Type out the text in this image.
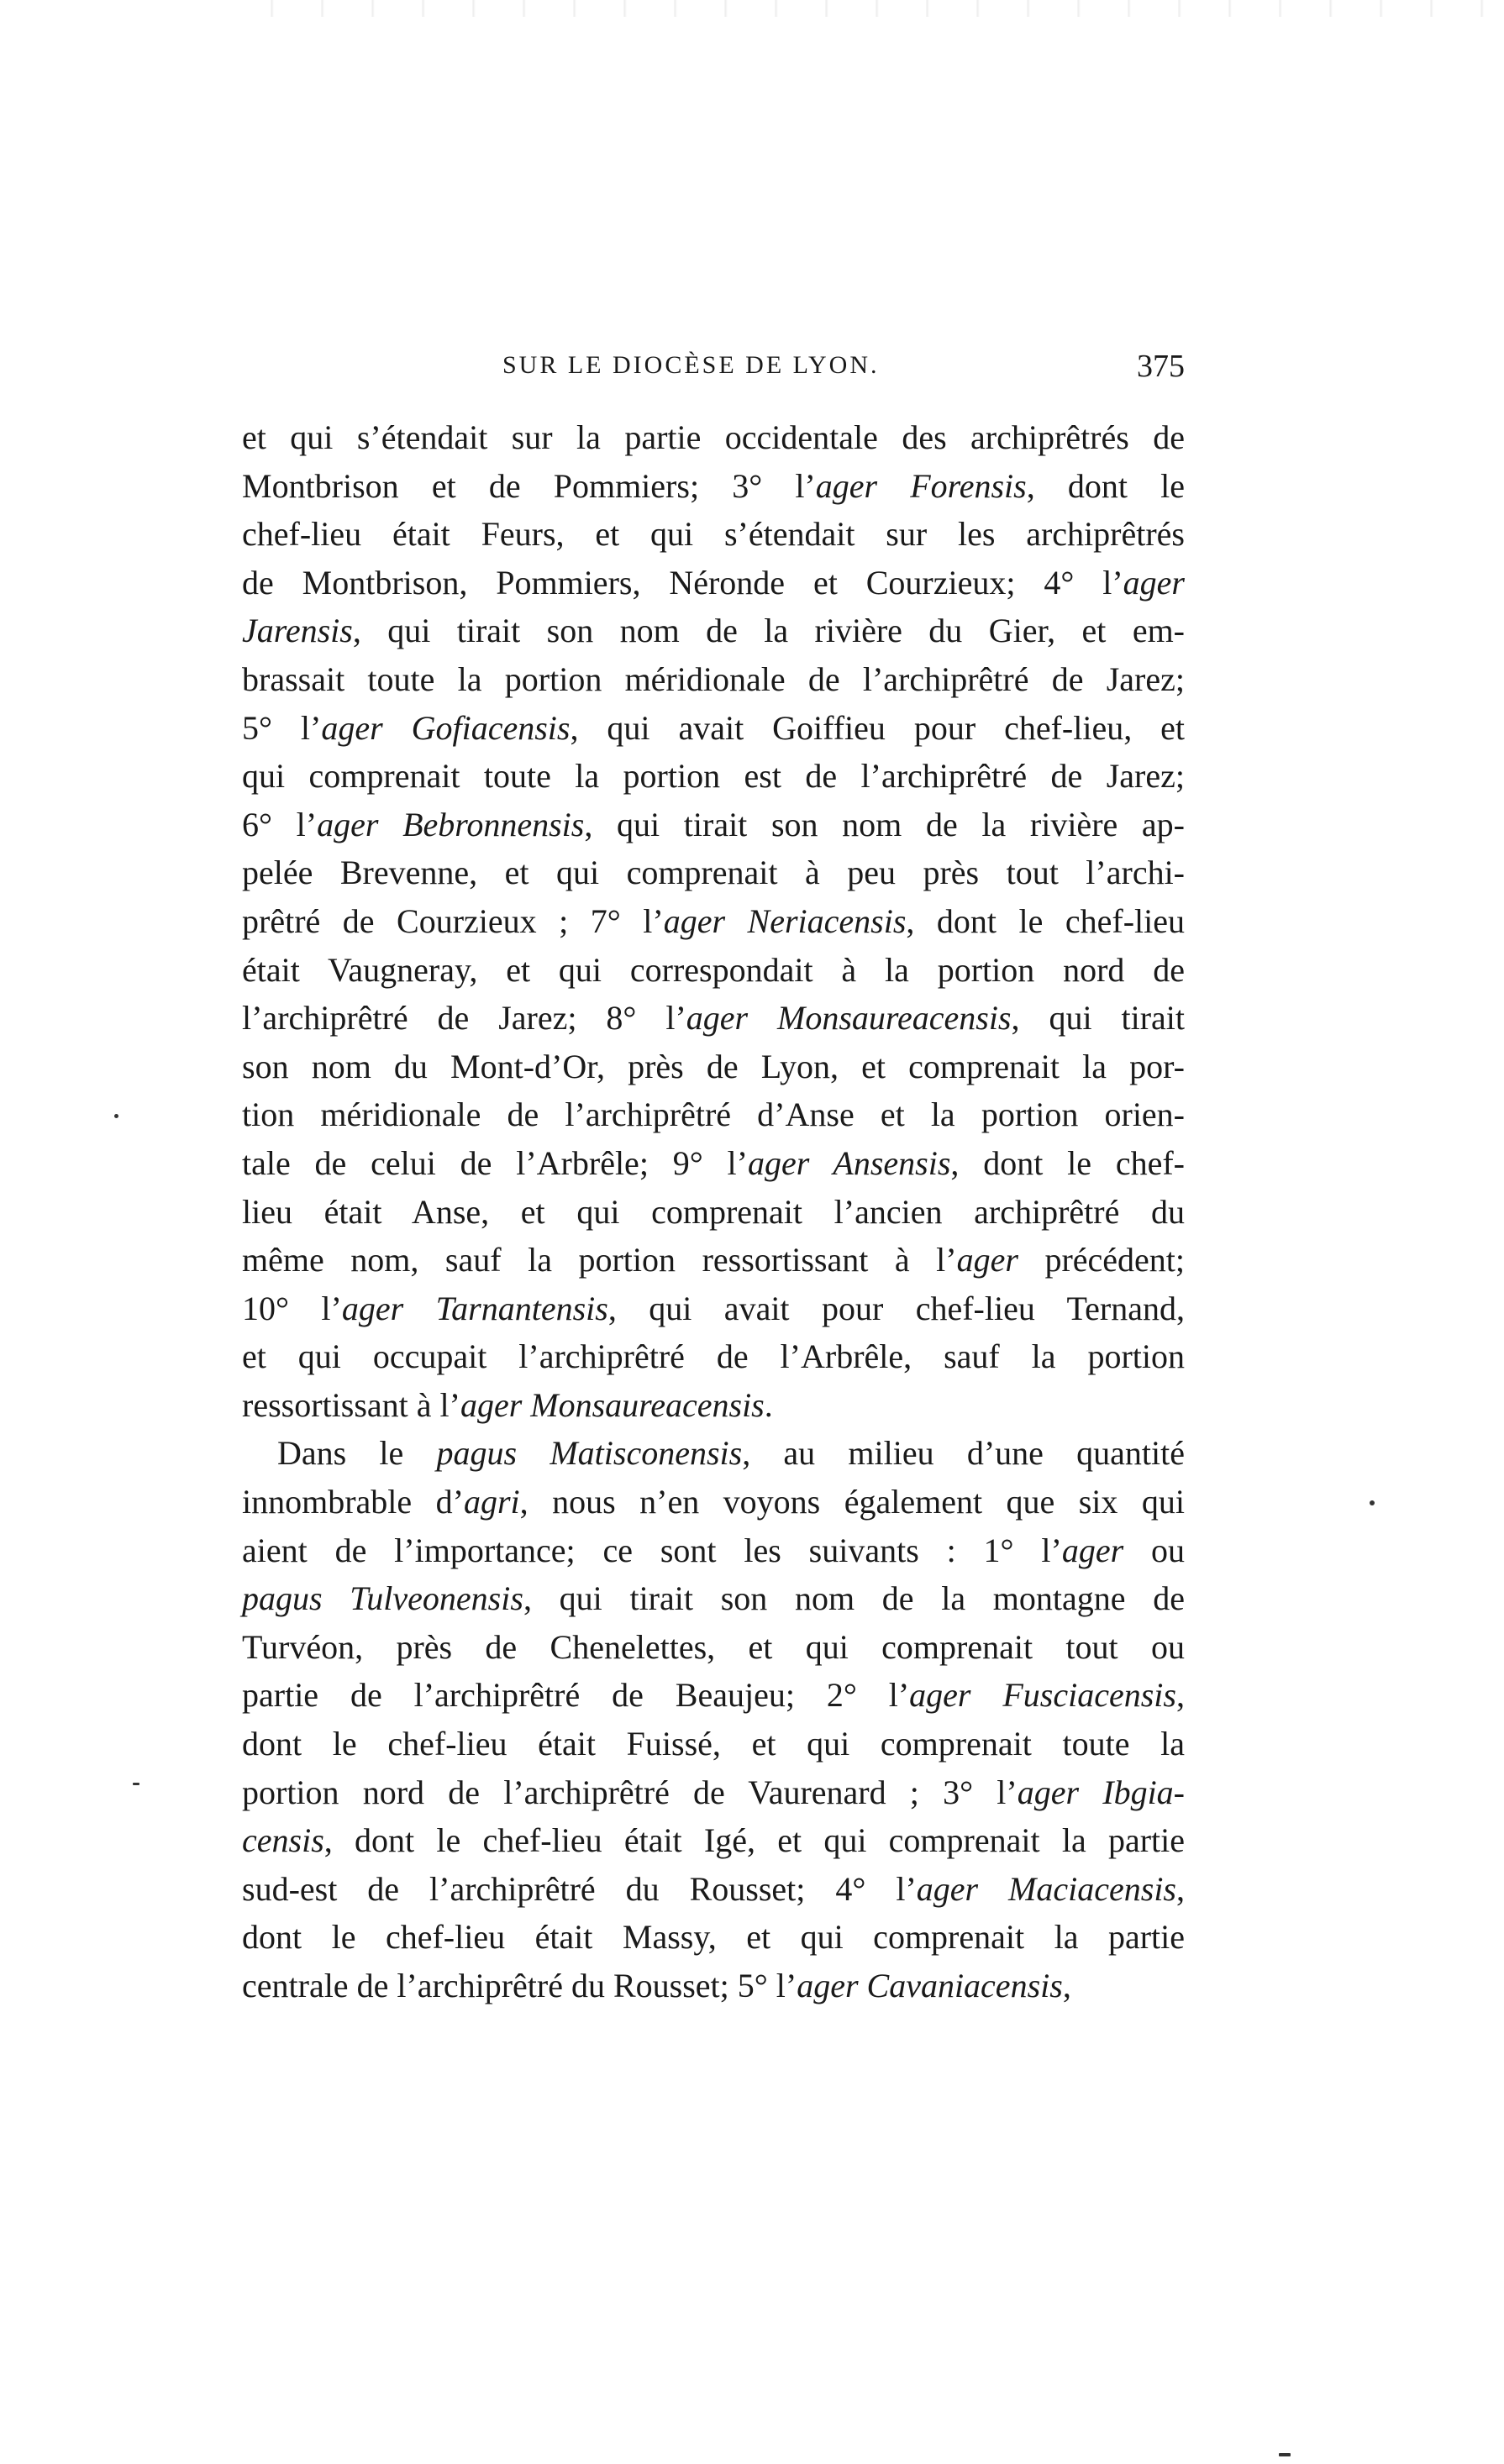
SUR LE DIOCÈSE DE LYON.	375
et qui s’étendait sur la partie occidentale des archiprêtrés de
Montbrison et de Pommiers; 3° l’ager Forensis, dont le
chef-lieu était Feurs, et qui s’étendait sur les archiprêtrés
de Montbrison, Pommiers, Néronde et Courzieux; 4° l’ager
Jarensis, qui tirait son nom de la rivière du Gier, et em-
brassait toute la portion méridionale de l’archiprêtré de Jarez;
5° l’ager Gofiacensis, qui avait Goiffieu pour chef-lieu, et
qui comprenait toute la portion est de l’archiprêtré de Jarez;
6° l’ager Bebronnensis, qui tirait son nom de la rivière ap-
pelée Brevenne, et qui comprenait à peu près tout l’archi-
prêtré de Courzieux ; 7° l’ager Neriacensis, dont le chef-lieu
était Vaugneray, et qui correspondait à la portion nord de
l’archiprêtré de Jarez; 8° l’ager Monsaureacensis, qui tirait
son nom du Mont-d’Or, près de Lyon, et comprenait la por-
tion méridionale de l’archiprêtré d’Anse et la portion orien-
tale de celui de l’Arbrêle; 9° l’ager Ansensis, dont le chef-
lieu était Anse, et qui comprenait l’ancien archiprêtré du
même nom, sauf la portion ressortissant à l’ager précédent;
10° l’ager Tarnantensis, qui avait pour chef-lieu Ternand,
et qui occupait l’archiprêtré de l’Arbrêle, sauf la portion
ressortissant à l’ager Monsaureacensis.
Dans le pagus Matisconensis, au milieu d’une quantité
innombrable d’agri, nous n’en voyons également que six qui
aient de l’importance; ce sont les suivants : 1° l’ager ou
pagus Tulveonensis, qui tirait son nom de la montagne de
Turvéon, près de Chenelettes, et qui comprenait tout ou
partie de l’archiprêtré de Beaujeu; 2° l’ager Fusciacensis,
dont le chef-lieu était Fuissé, et qui comprenait toute la
portion nord de l’archiprêtré de Vaurenard ; 3° l’ager Ibgia-
censis, dont le chef-lieu était Igé, et qui comprenait la partie
sud-est de l’archiprêtré du Rousset; 4° l’ager Maciacensis,
dont le chef-lieu était Massy, et qui comprenait la partie
centrale de l’archiprêtré du Rousset; 5° l’ager Cavaniacensis,
